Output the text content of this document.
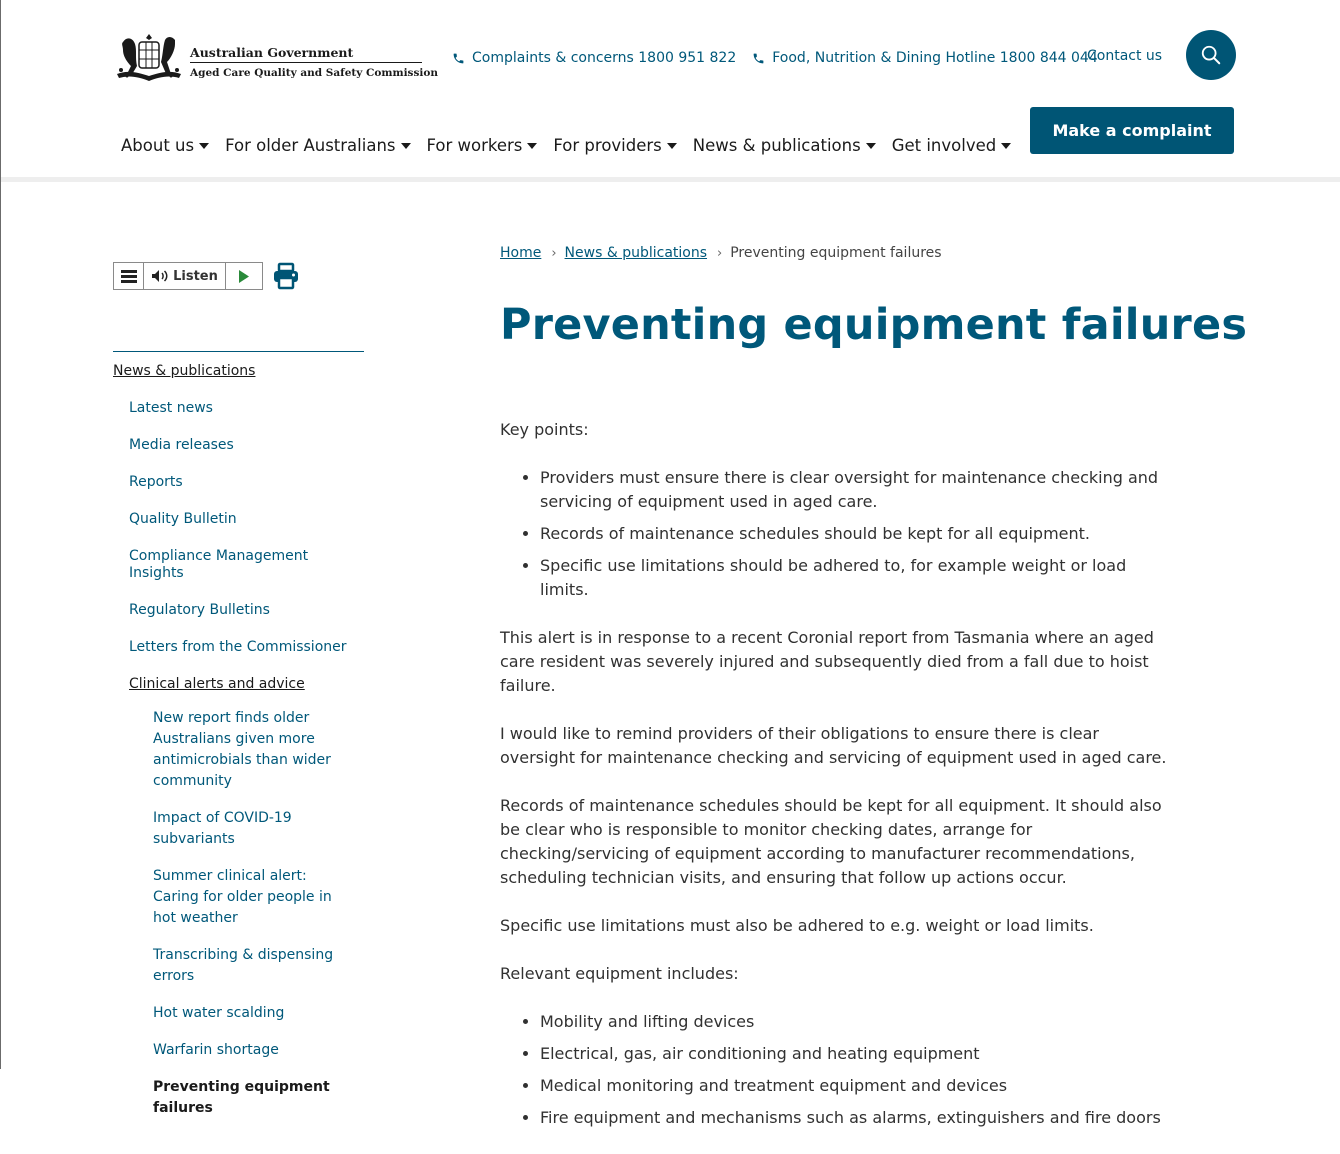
Australian Government
Aged Care Quality and Safety Commission
Complaints & concerns 1800 951 822	Food, Nutrition & Dining Hotline 1800 844 044
Contact us
Make a complaint
About us For older Australians For workers For providers News & publications Get involved
Listen
News & publications
Latest news
Media releases
Reports
Quality Bulletin
Compliance Management Insights
Regulatory Bulletins
Letters from the Commissioner
Clinical alerts and advice
New report finds older Australians given more antimicrobials than wider community
Impact of COVID-19 subvariants
Summer clinical alert: Caring for older people in hot weather
Transcribing & dispensing errors
Hot water scalding
Warfarin shortage
Preventing equipment failures
Home › News & publications › Preventing equipment failures
Preventing equipment failures

Key points:

• Providers must ensure there is clear oversight for maintenance checking and servicing of equipment used in aged care.
• Records of maintenance schedules should be kept for all equipment.
• Specific use limitations should be adhered to, for example weight or load limits.

This alert is in response to a recent Coronial report from Tasmania where an aged care resident was severely injured and subsequently died from a fall due to hoist failure.

I would like to remind providers of their obligations to ensure there is clear oversight for maintenance checking and servicing of equipment used in aged care.

Records of maintenance schedules should be kept for all equipment. It should also be clear who is responsible to monitor checking dates, arrange for checking/servicing of equipment according to manufacturer recommendations, scheduling technician visits, and ensuring that follow up actions occur.

Specific use limitations must also be adhered to e.g. weight or load limits.

Relevant equipment includes:

• Mobility and lifting devices
• Electrical, gas, air conditioning and heating equipment
• Medical monitoring and treatment equipment and devices
• Fire equipment and mechanisms such as alarms, extinguishers and fire doors
